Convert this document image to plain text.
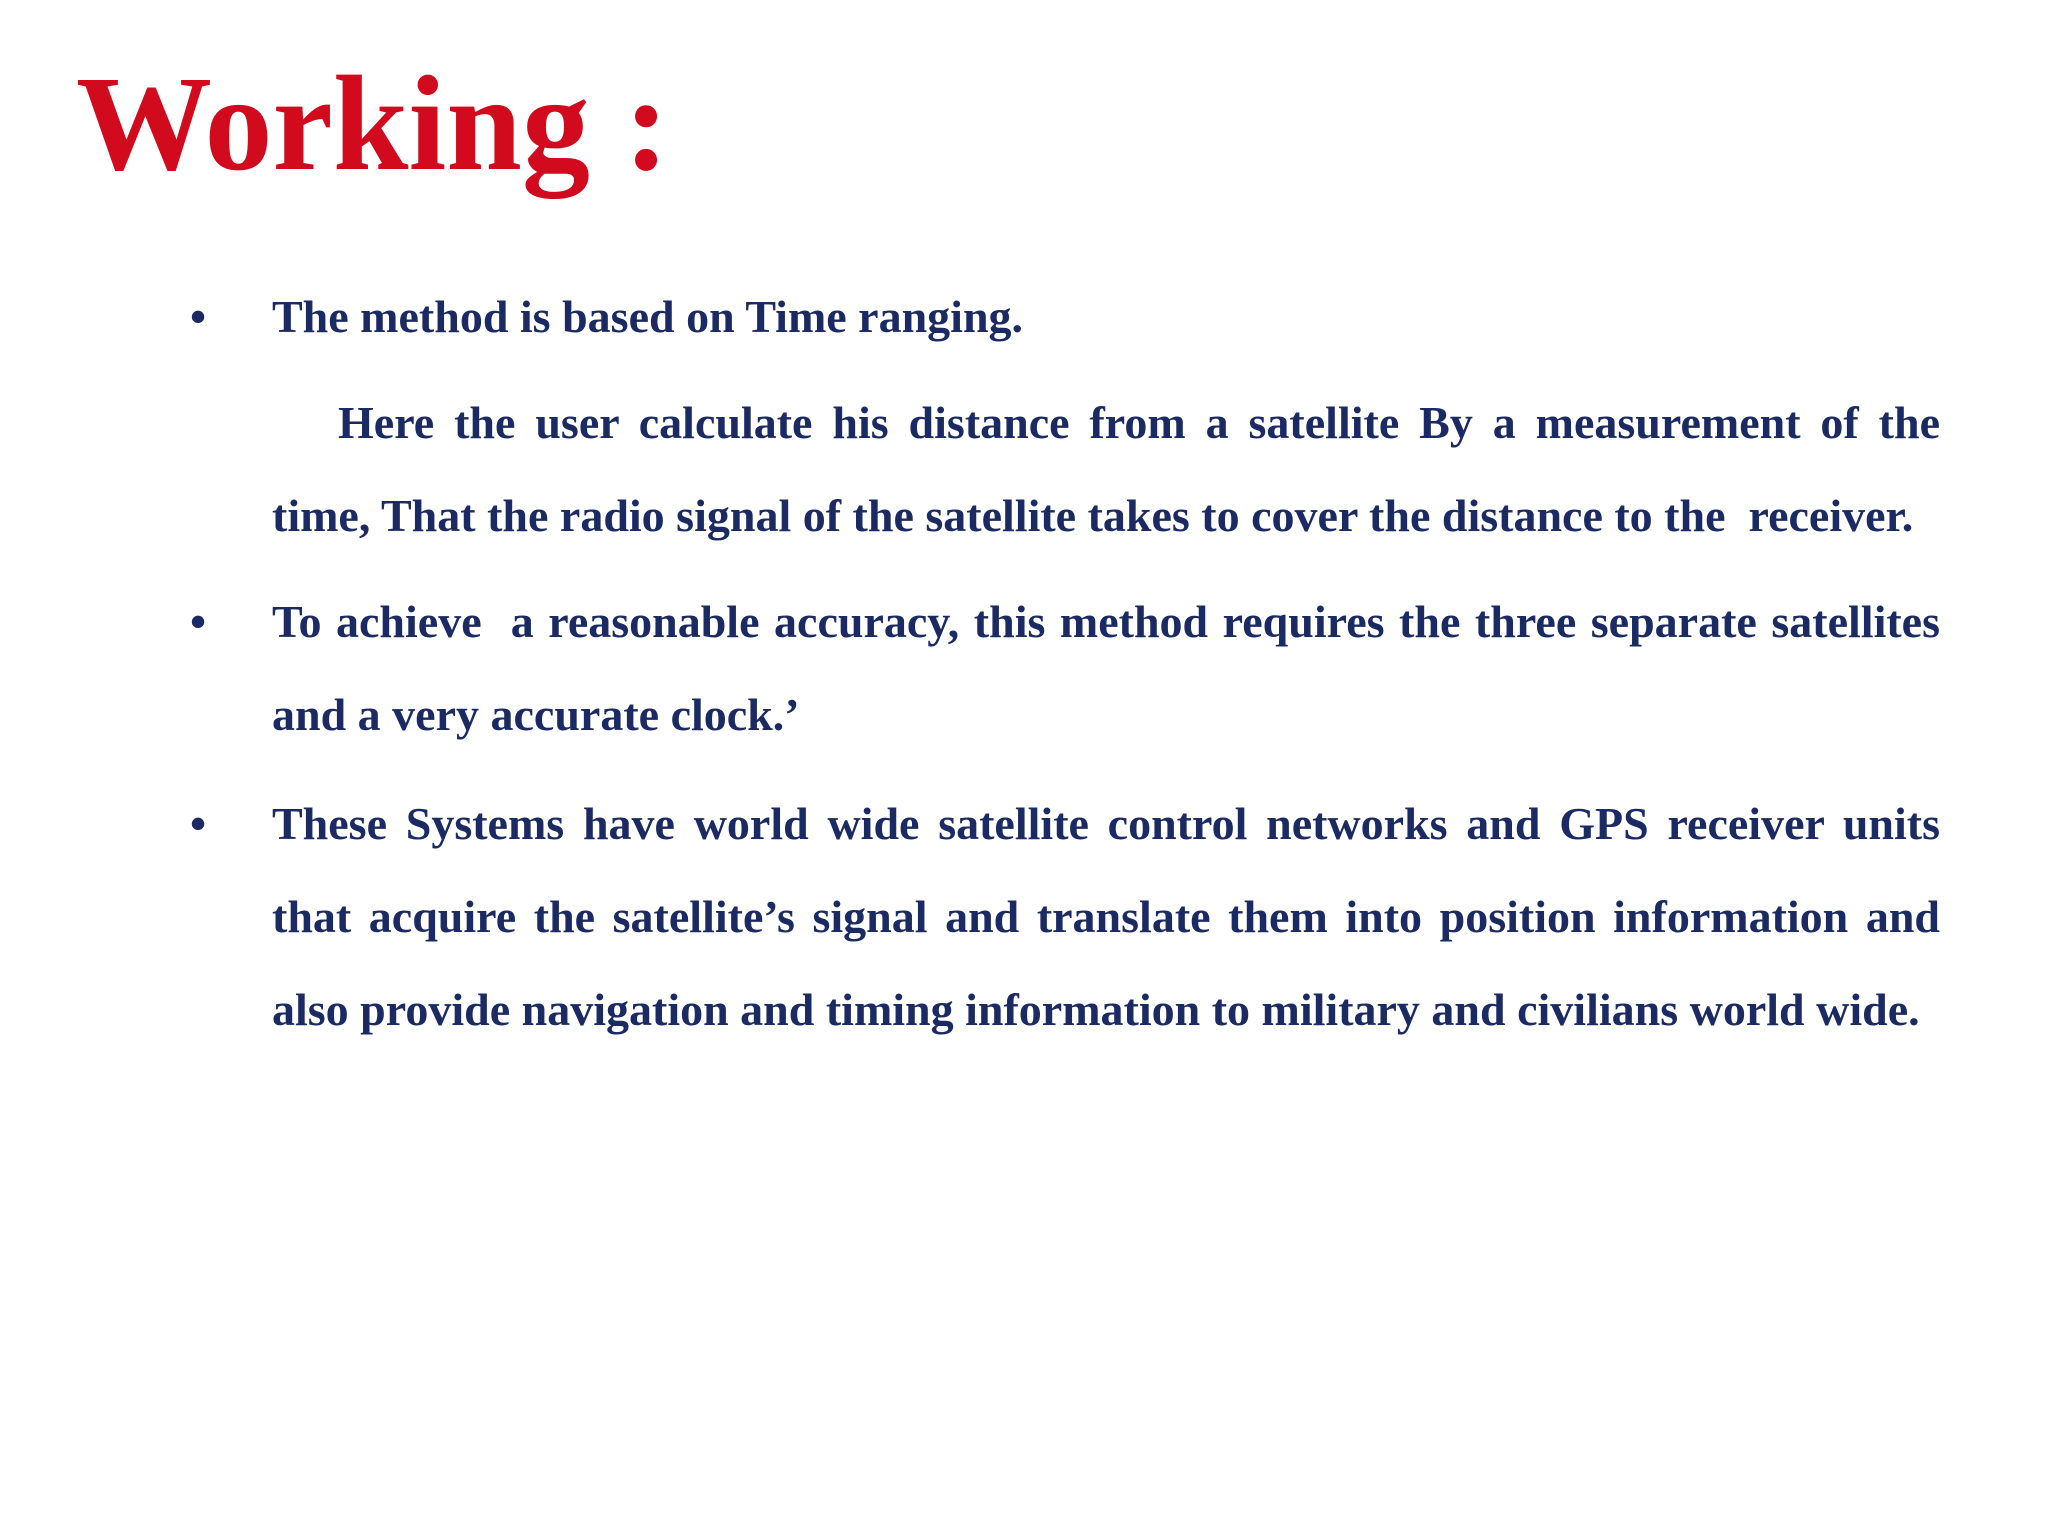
Working :
•	The method is based on Time ranging.
Here the user calculate his distance from a satellite By a measurement of the time, That the radio signal of the satellite takes to cover the distance to the  receiver.
•	To achieve  a reasonable accuracy, this method requires the three separate satellites and a very accurate clock.’
•	These Systems have world wide satellite control networks and GPS receiver units that acquire the satellite’s signal and translate them into position information and  also provide navigation and timing information to military and civilians world wide.
